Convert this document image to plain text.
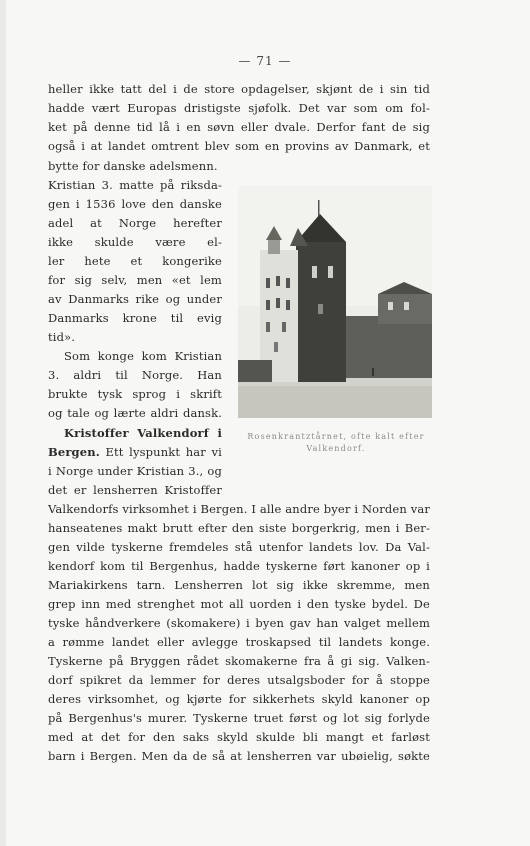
— 71 —
heller ikke tatt del i de store opdagelser, skjønt de i sin tid
hadde vært Europas dristigste sjøfolk. Det var som om fol-
ket på denne tid lå i en søvn eller dvale. Derfor fant de sig
også i at landet omtrent blev som en provins av Danmark, et
bytte for danske adelsmenn.
Kristian 3. matte på riksda-
gen i 1536 love den danske
adel at Norge herefter
ikke skulde være el-
ler hete et kongerike
for sig selv, men «et lem
av Danmarks rike og under
Danmarks krone til evig
tid».
Som konge kom Kristian
3. aldri til Norge. Han
brukte tysk sprog i skrift
og tale og lærte aldri dansk.
Kristoffer Valkendorf i
Bergen. Ett lyspunkt har vi
i Norge under Kristian 3., og
det er lensherren Kristoffer
Valkendorfs virksomhet i Bergen. I alle andre byer i Norden var
hanseatenes makt brutt efter den siste borgerkrig, men i Ber-
gen vilde tyskerne fremdeles stå utenfor landets lov. Da Val-
kendorf kom til Bergenhus, hadde tyskerne ført kanoner op i
Mariakirkens tarn. Lensherren lot sig ikke skremme, men
grep inn med strenghet mot all uorden i den tyske bydel. De
tyske håndverkere (skomakere) i byen gav han valget mellem
a rømme landet eller avlegge troskapsed til landets konge.
Tyskerne på Bryggen rådet skomakerne fra å gi sig. Valken-
dorf spikret da lemmer for deres utsalgsboder for å stoppe
deres virksomhet, og kjørte for sikkerhets skyld kanoner op
på Bergenhus's murer. Tyskerne truet først og lot sig forlyde
med at det for den saks skyld skulde bli mangt et farløst
barn i Bergen. Men da de så at lensherren var ubøielig, søkte
Rosenkrantztårnet, ofte kalt efter
Valkendorf.
